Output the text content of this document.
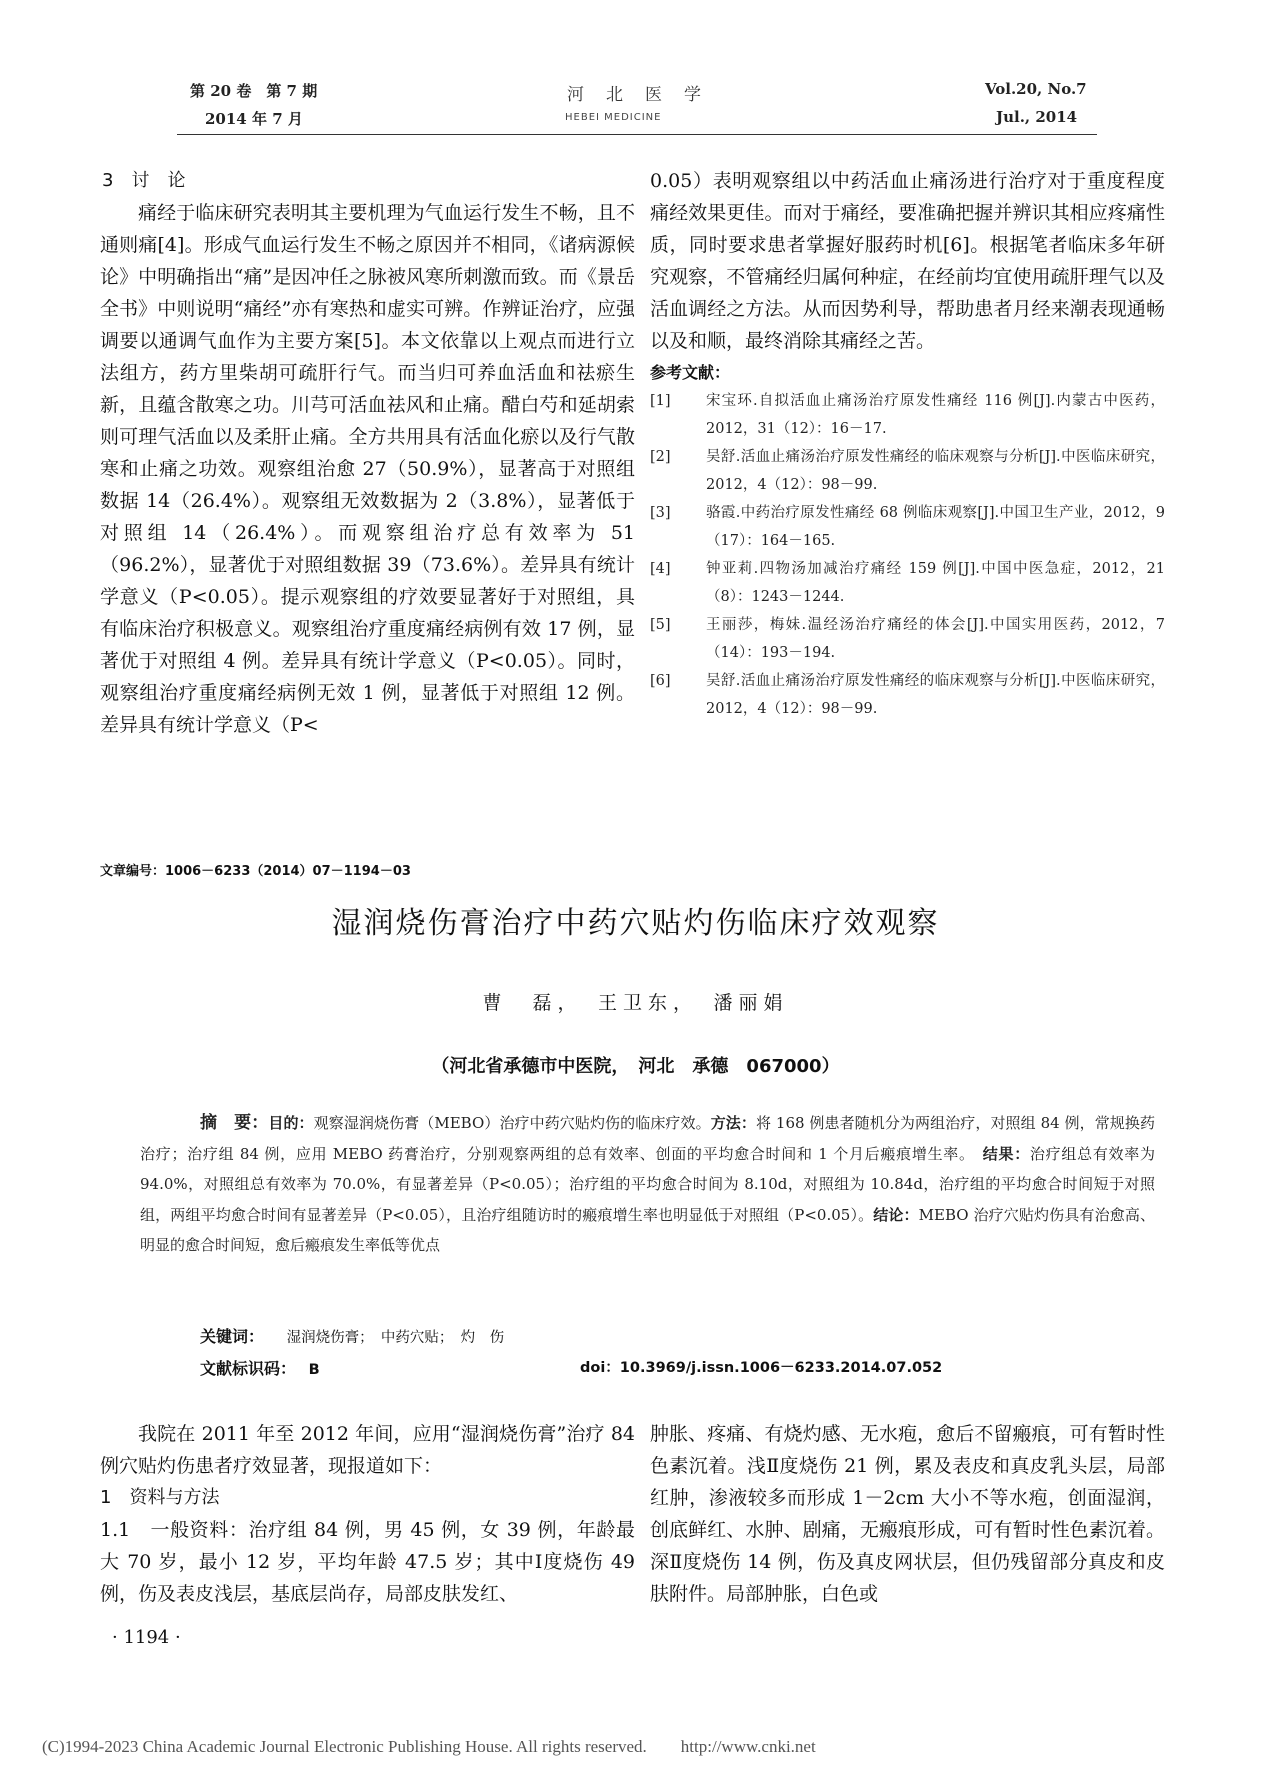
第 20 卷　第 7 期
2014 年 7 月
河北医学
HEBEI MEDICINE
Vol.20, No.7
Jul., 2014

3　讨　论

痛经于临床研究表明其主要机理为气血运行发生不畅，且不通则痛[4]。形成气血运行发生不畅之原因并不相同，《诸病源候论》中明确指出“痛”是因冲任之脉被风寒所刺激而致。而《景岳全书》中则说明“痛经”亦有寒热和虚实可辨。作辨证治疗，应强调要以通调气血作为主要方案[5]。本文依靠以上观点而进行立法组方，药方里柴胡可疏肝行气。而当归可养血活血和祛瘀生新，且蕴含散寒之功。川芎可活血祛风和止痛。醋白芍和延胡索则可理气活血以及柔肝止痛。全方共用具有活血化瘀以及行气散寒和止痛之功效。观察组治愈 27（50.9%），显著高于对照组数据 14（26.4%）。观察组无效数据为 2（3.8%），显著低于对照组 14（26.4%）。而观察组治疗总有效率为 51（96.2%），显著优于对照组数据 39（73.6%）。差异具有统计学意义（P<0.05）。提示观察组的疗效要显著好于对照组，具有临床治疗积极意义。观察组治疗重度痛经病例有效 17 例，显著优于对照组 4 例。差异具有统计学意义（P<0.05）。同时，观察组治疗重度痛经病例无效 1 例，显著低于对照组 12 例。差异具有统计学意义（P<

0.05）表明观察组以中药活血止痛汤进行治疗对于重度程度痛经效果更佳。而对于痛经，要准确把握并辨识其相应疼痛性质，同时要求患者掌握好服药时机[6]。根据笔者临床多年研究观察，不管痛经归属何种症，在经前均宜使用疏肝理气以及活血调经之方法。从而因势利导，帮助患者月经来潮表现通畅以及和顺，最终消除其痛经之苦。

参考文献：

[1] 宋宝环.自拟活血止痛汤治疗原发性痛经 116 例[J].内蒙古中医药，2012，31（12）：16－17.
[2] 吴舒.活血止痛汤治疗原发性痛经的临床观察与分析[J].中医临床研究，2012，4（12）：98－99.
[3] 骆霞.中药治疗原发性痛经 68 例临床观察[J].中国卫生产业，2012，9（17）：164－165.
[4] 钟亚莉.四物汤加减治疗痛经 159 例[J].中国中医急症，2012，21（8）：1243－1244.
[5] 王丽莎，梅妹.温经汤治疗痛经的体会[J].中国实用医药，2012，7（14）：193－194.
[6] 吴舒.活血止痛汤治疗原发性痛经的临床观察与分析[J].中医临床研究，2012，4（12）：98－99.
文章编号：1006－6233（2014）07－1194－03
湿润烧伤膏治疗中药穴贴灼伤临床疗效观察
曹　磊，　王卫东，　潘丽娟
（河北省承德市中医院，　河北　承德　067000）
摘　要：目的：观察湿润烧伤膏（MEBO）治疗中药穴贴灼伤的临床疗效。方法：将 168 例患者随机分为两组治疗，对照组 84 例，常规换药治疗；治疗组 84 例，应用 MEBO 药膏治疗，分别观察两组的总有效率、创面的平均愈合时间和 1 个月后瘢痕增生率。 结果：治疗组总有效率为 94.0%，对照组总有效率为 70.0%，有显著差异（P<0.05）；治疗组的平均愈合时间为 8.10d，对照组为 10.84d，治疗组的平均愈合时间短于对照组，两组平均愈合时间有显著差异（P<0.05），且治疗组随访时的瘢痕增生率也明显低于对照组（P<0.05）。结论：MEBO 治疗穴贴灼伤具有治愈高、明显的愈合时间短，愈后瘢痕发生率低等优点
关键词： 湿润烧伤膏；　中药穴贴；　灼　伤
文献标识码： B	doi：10.3969/j.issn.1006－6233.2014.07.052

我院在 2011 年至 2012 年间，应用“湿润烧伤膏”治疗 84 例穴贴灼伤患者疗效显著，现报道如下：

1　资料与方法

1.1　一般资料：治疗组 84 例，男 45 例，女 39 例，年龄最大 70 岁，最小 12 岁，平均年龄 47.5 岁；其中Ⅰ度烧伤 49 例，伤及表皮浅层，基底层尚存，局部皮肤发红、

肿胀、疼痛、有烧灼感、无水疱，愈后不留瘢痕，可有暂时性色素沉着。浅Ⅱ度烧伤 21 例，累及表皮和真皮乳头层，局部红肿，渗液较多而形成 1－2cm 大小不等水疱，创面湿润，创底鲜红、水肿、剧痛，无瘢痕形成，可有暂时性色素沉着。深Ⅱ度烧伤 14 例，伤及真皮网状层，但仍残留部分真皮和皮肤附件。局部肿胀，白色或

· 1194 ·
(C)1994-2023 China Academic Journal Electronic Publishing House. All rights reserved.　　http://www.cnki.net
